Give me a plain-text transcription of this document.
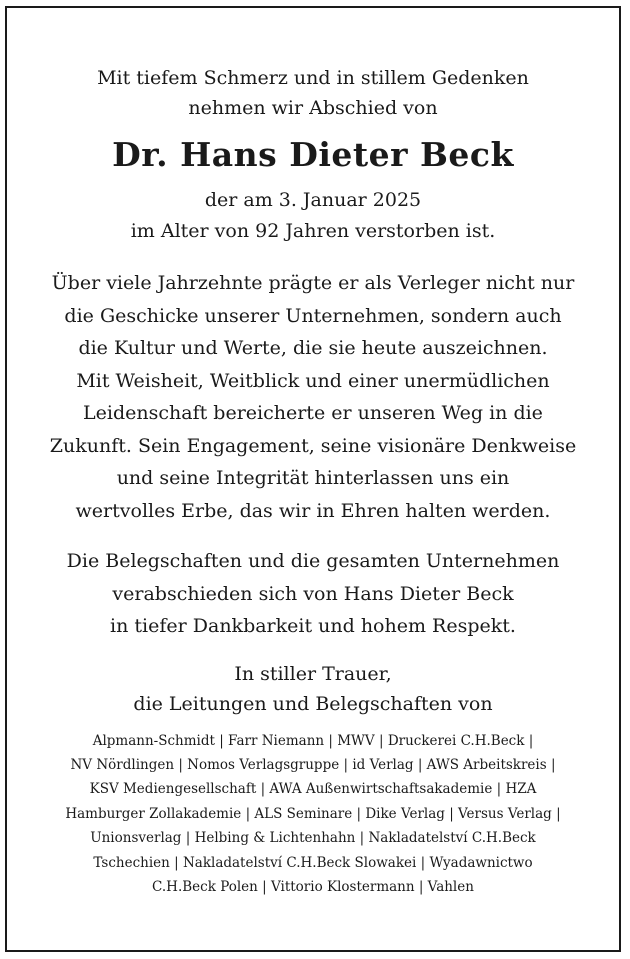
Mit tiefem Schmerz und in stillem Gedenken
nehmen wir Abschied von
Dr. Hans Dieter Beck
der am 3. Januar 2025
im Alter von 92 Jahren verstorben ist.
Über viele Jahrzehnte prägte er als Verleger nicht nur
die Geschicke unserer Unternehmen, sondern auch
die Kultur und Werte, die sie heute auszeichnen.
Mit Weisheit, Weitblick und einer unermüdlichen
Leidenschaft bereicherte er unseren Weg in die
Zukunft. Sein Engagement, seine visionäre Denkweise
und seine Integrität hinterlassen uns ein
wertvolles Erbe, das wir in Ehren halten werden.
Die Belegschaften und die gesamten Unternehmen
verabschieden sich von Hans Dieter Beck
in tiefer Dankbarkeit und hohem Respekt.
In stiller Trauer,
die Leitungen und Belegschaften von
Alpmann-Schmidt | Farr Niemann | MWV | Druckerei C.H.Beck |
NV Nördlingen | Nomos Verlagsgruppe | id Verlag | AWS Arbeitskreis |
KSV Mediengesellschaft | AWA Außenwirtschaftsakademie | HZA
Hamburger Zollakademie | ALS Seminare | Dike Verlag | Versus Verlag |
Unionsverlag | Helbing & Lichtenhahn | Nakladatelství C.H.Beck
Tschechien | Nakladatelství C.H.Beck Slowakei | Wyadawnictwo
C.H.Beck Polen | Vittorio Klostermann | Vahlen
